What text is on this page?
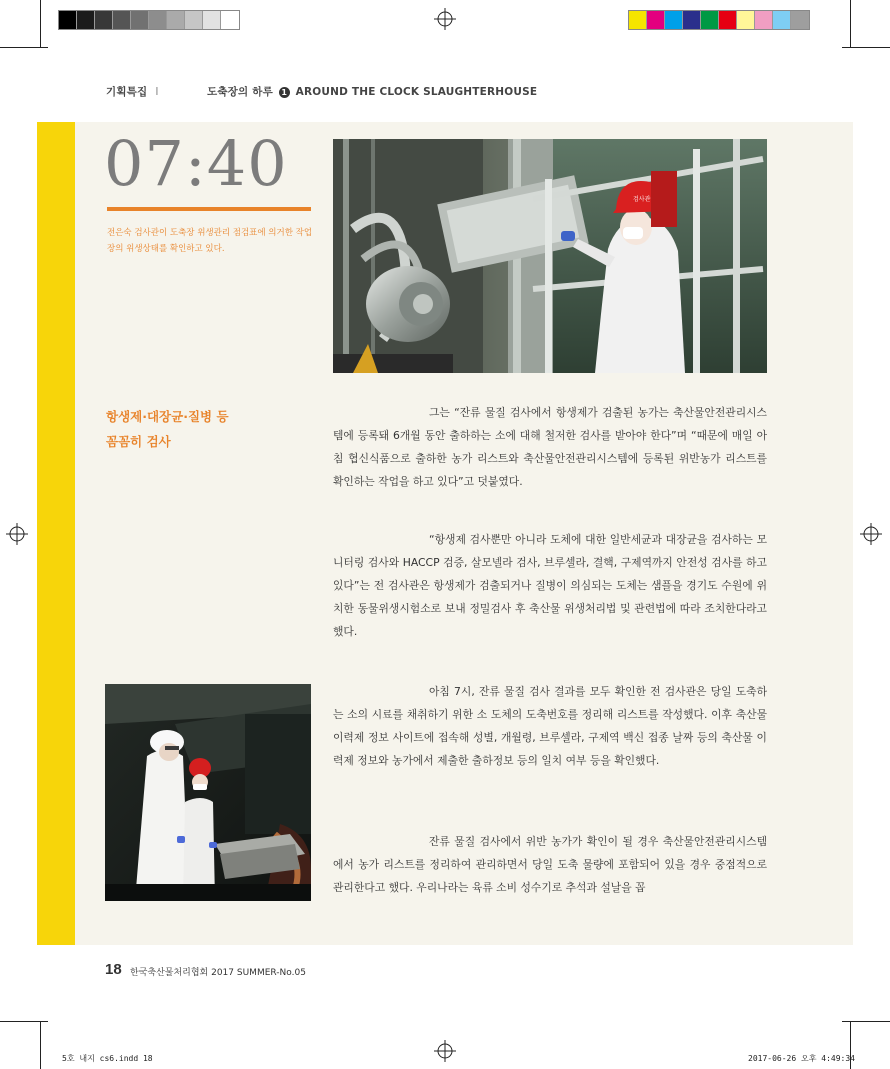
기획특집 I	도축장의 하루 1 AROUND THE CLOCK SLAUGHTERHOUSE
07:40
전은숙 검사관이 도축장 위생관리 점검표에 의거한 작업장의 위생상태를 확인하고 있다.
검사관
항생제·대장균·질병 등
꼼꼼히 검사

그는 “잔류 물질 검사에서 항생제가 검출된 농가는 축산물안전관리시스템에 등록돼 6개월 동안 출하하는 소에 대해 철저한 검사를 받아야 한다”며 “때문에 매일 아침 협신식품으로 출하한 농가 리스트와 축산물안전관리시스템에 등록된 위반농가 리스트를 확인하는 작업을 하고 있다”고 덧붙였다.

“항생제 검사뿐만 아니라 도체에 대한 일반세균과 대장균을 검사하는 모니터링 검사와 HACCP 검증, 살모넬라 검사, 브루셀라, 결핵, 구제역까지 안전성 검사를 하고 있다”는 전 검사관은 항생제가 검출되거나 질병이 의심되는 도체는 샘플을 경기도 수원에 위치한 동물위생시험소로 보내 정밀검사 후 축산물 위생처리법 및 관련법에 따라 조치한다라고 했다.

아침 7시, 잔류 물질 검사 결과를 모두 확인한 전 검사관은 당일 도축하는 소의 시료를 채취하기 위한 소 도체의 도축번호를 정리해 리스트를 작성했다. 이후 축산물 이력제 정보 사이트에 접속해 성별, 개월령, 브루셀라, 구제역 백신 접종 날짜 등의 축산물 이력제 정보와 농가에서 제출한 출하정보 등의 일치 여부 등을 확인했다.

잔류 물질 검사에서 위반 농가가 확인이 될 경우 축산물안전관리시스템에서 농가 리스트를 정리하여 관리하면서 당일 도축 물량에 포함되어 있을 경우 중점적으로 관리한다고 했다. 우리나라는 육류 소비 성수기로 추석과 설날을 꼽

18 한국축산물처리협회 2017 SUMMER-No.05
5호 내지 cs6.indd 18	2017-06-26 오후 4:49:34
